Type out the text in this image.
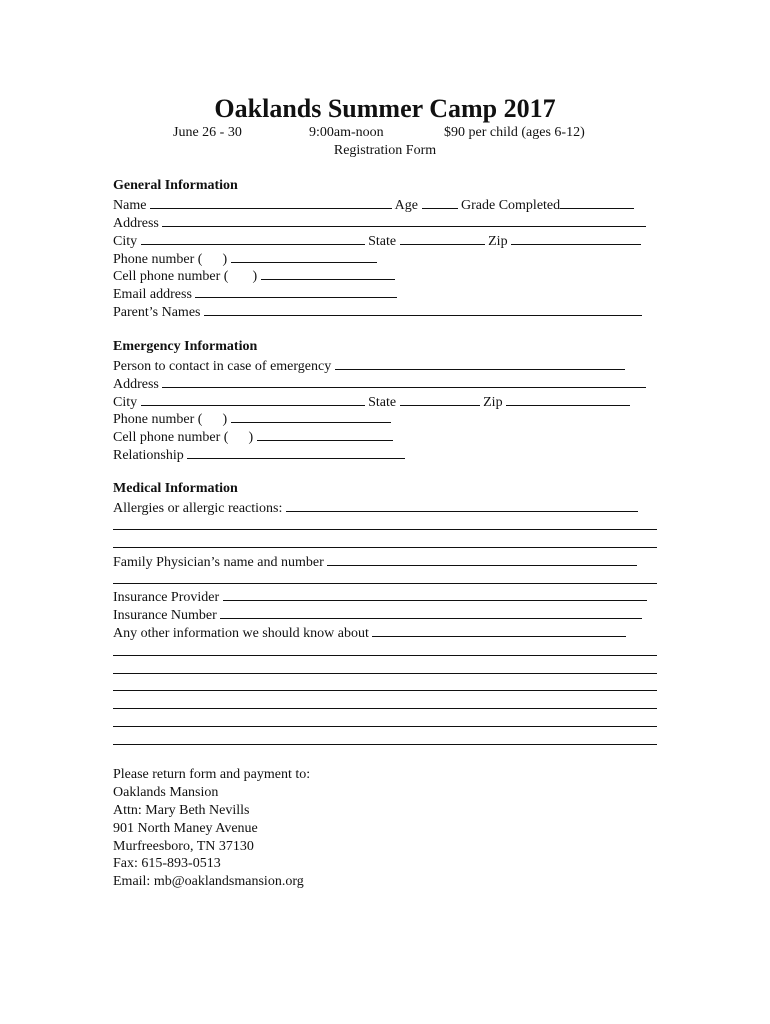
Oaklands Summer Camp 2017
June 26 - 30	9:00am-noon	$90 per child (ages 6-12)
Registration Form
General Information
Name	Age	Grade Completed
Address
City	State	Zip
Phone number ( )
Cell phone number ( )
Email address
Parent’s Names
Emergency Information
Person to contact in case of emergency
Address
City	State	Zip
Phone number ( )
Cell phone number ( )
Relationship
Medical Information
Allergies or allergic reactions:
Family Physician’s name and number
Insurance Provider
Insurance Number
Any other information we should know about
Please return form and payment to:
Oaklands Mansion
Attn: Mary Beth Nevills
901 North Maney Avenue
Murfreesboro, TN 37130
Fax: 615-893-0513
Email: mb@oaklandsmansion.org
